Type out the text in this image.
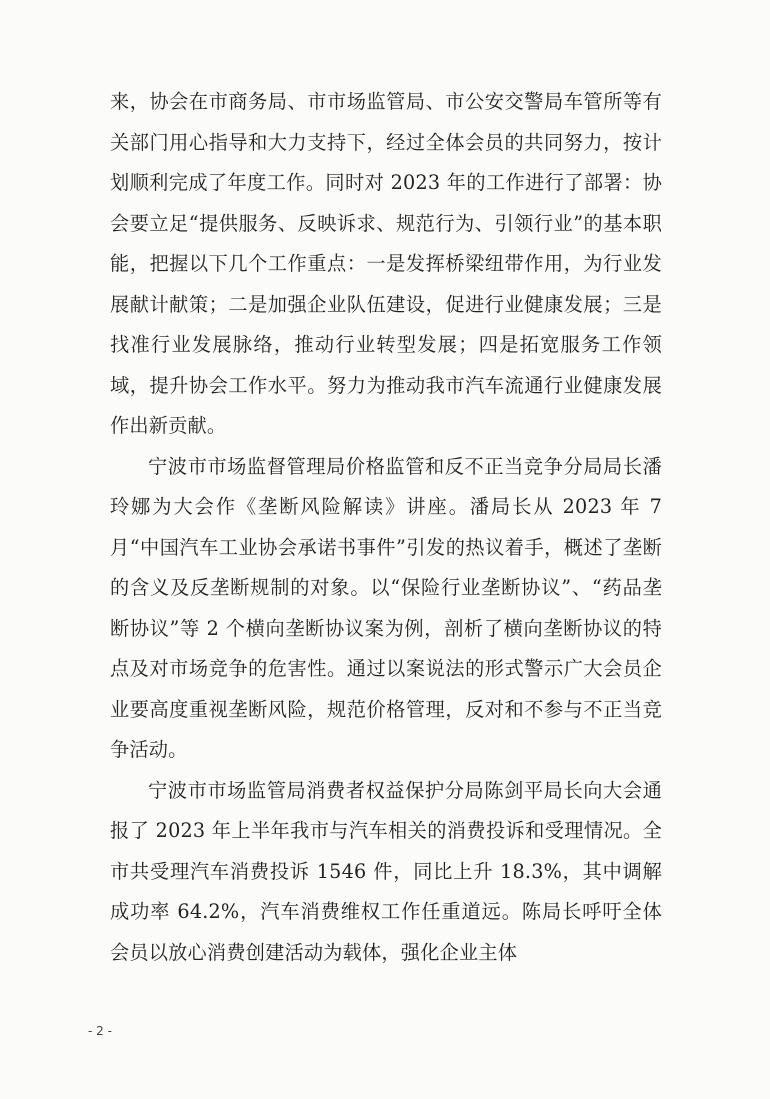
来，协会在市商务局、市市场监管局、市公安交警局车管所等有关部门用心指导和大力支持下，经过全体会员的共同努力，按计划顺利完成了年度工作。同时对 2023 年的工作进行了部署：协会要立足“提供服务、反映诉求、规范行为、引领行业”的基本职能，把握以下几个工作重点：一是发挥桥梁纽带作用，为行业发展献计献策；二是加强企业队伍建设，促进行业健康发展；三是找准行业发展脉络，推动行业转型发展；四是拓宽服务工作领域，提升协会工作水平。努力为推动我市汽车流通行业健康发展作出新贡献。

宁波市市场监督管理局价格监管和反不正当竞争分局局长潘玲娜为大会作《垄断风险解读》讲座。潘局长从 2023 年 7 月“中国汽车工业协会承诺书事件”引发的热议着手，概述了垄断的含义及反垄断规制的对象。以“保险行业垄断协议”、“药品垄断协议”等 2 个横向垄断协议案为例，剖析了横向垄断协议的特点及对市场竞争的危害性。通过以案说法的形式警示广大会员企业要高度重视垄断风险，规范价格管理，反对和不参与不正当竞争活动。

宁波市市场监管局消费者权益保护分局陈剑平局长向大会通报了 2023 年上半年我市与汽车相关的消费投诉和受理情况。全市共受理汽车消费投诉 1546 件，同比上升 18.3%，其中调解成功率 64.2%，汽车消费维权工作任重道远。陈局长呼吁全体会员以放心消费创建活动为载体，强化企业主体

- 2 -
